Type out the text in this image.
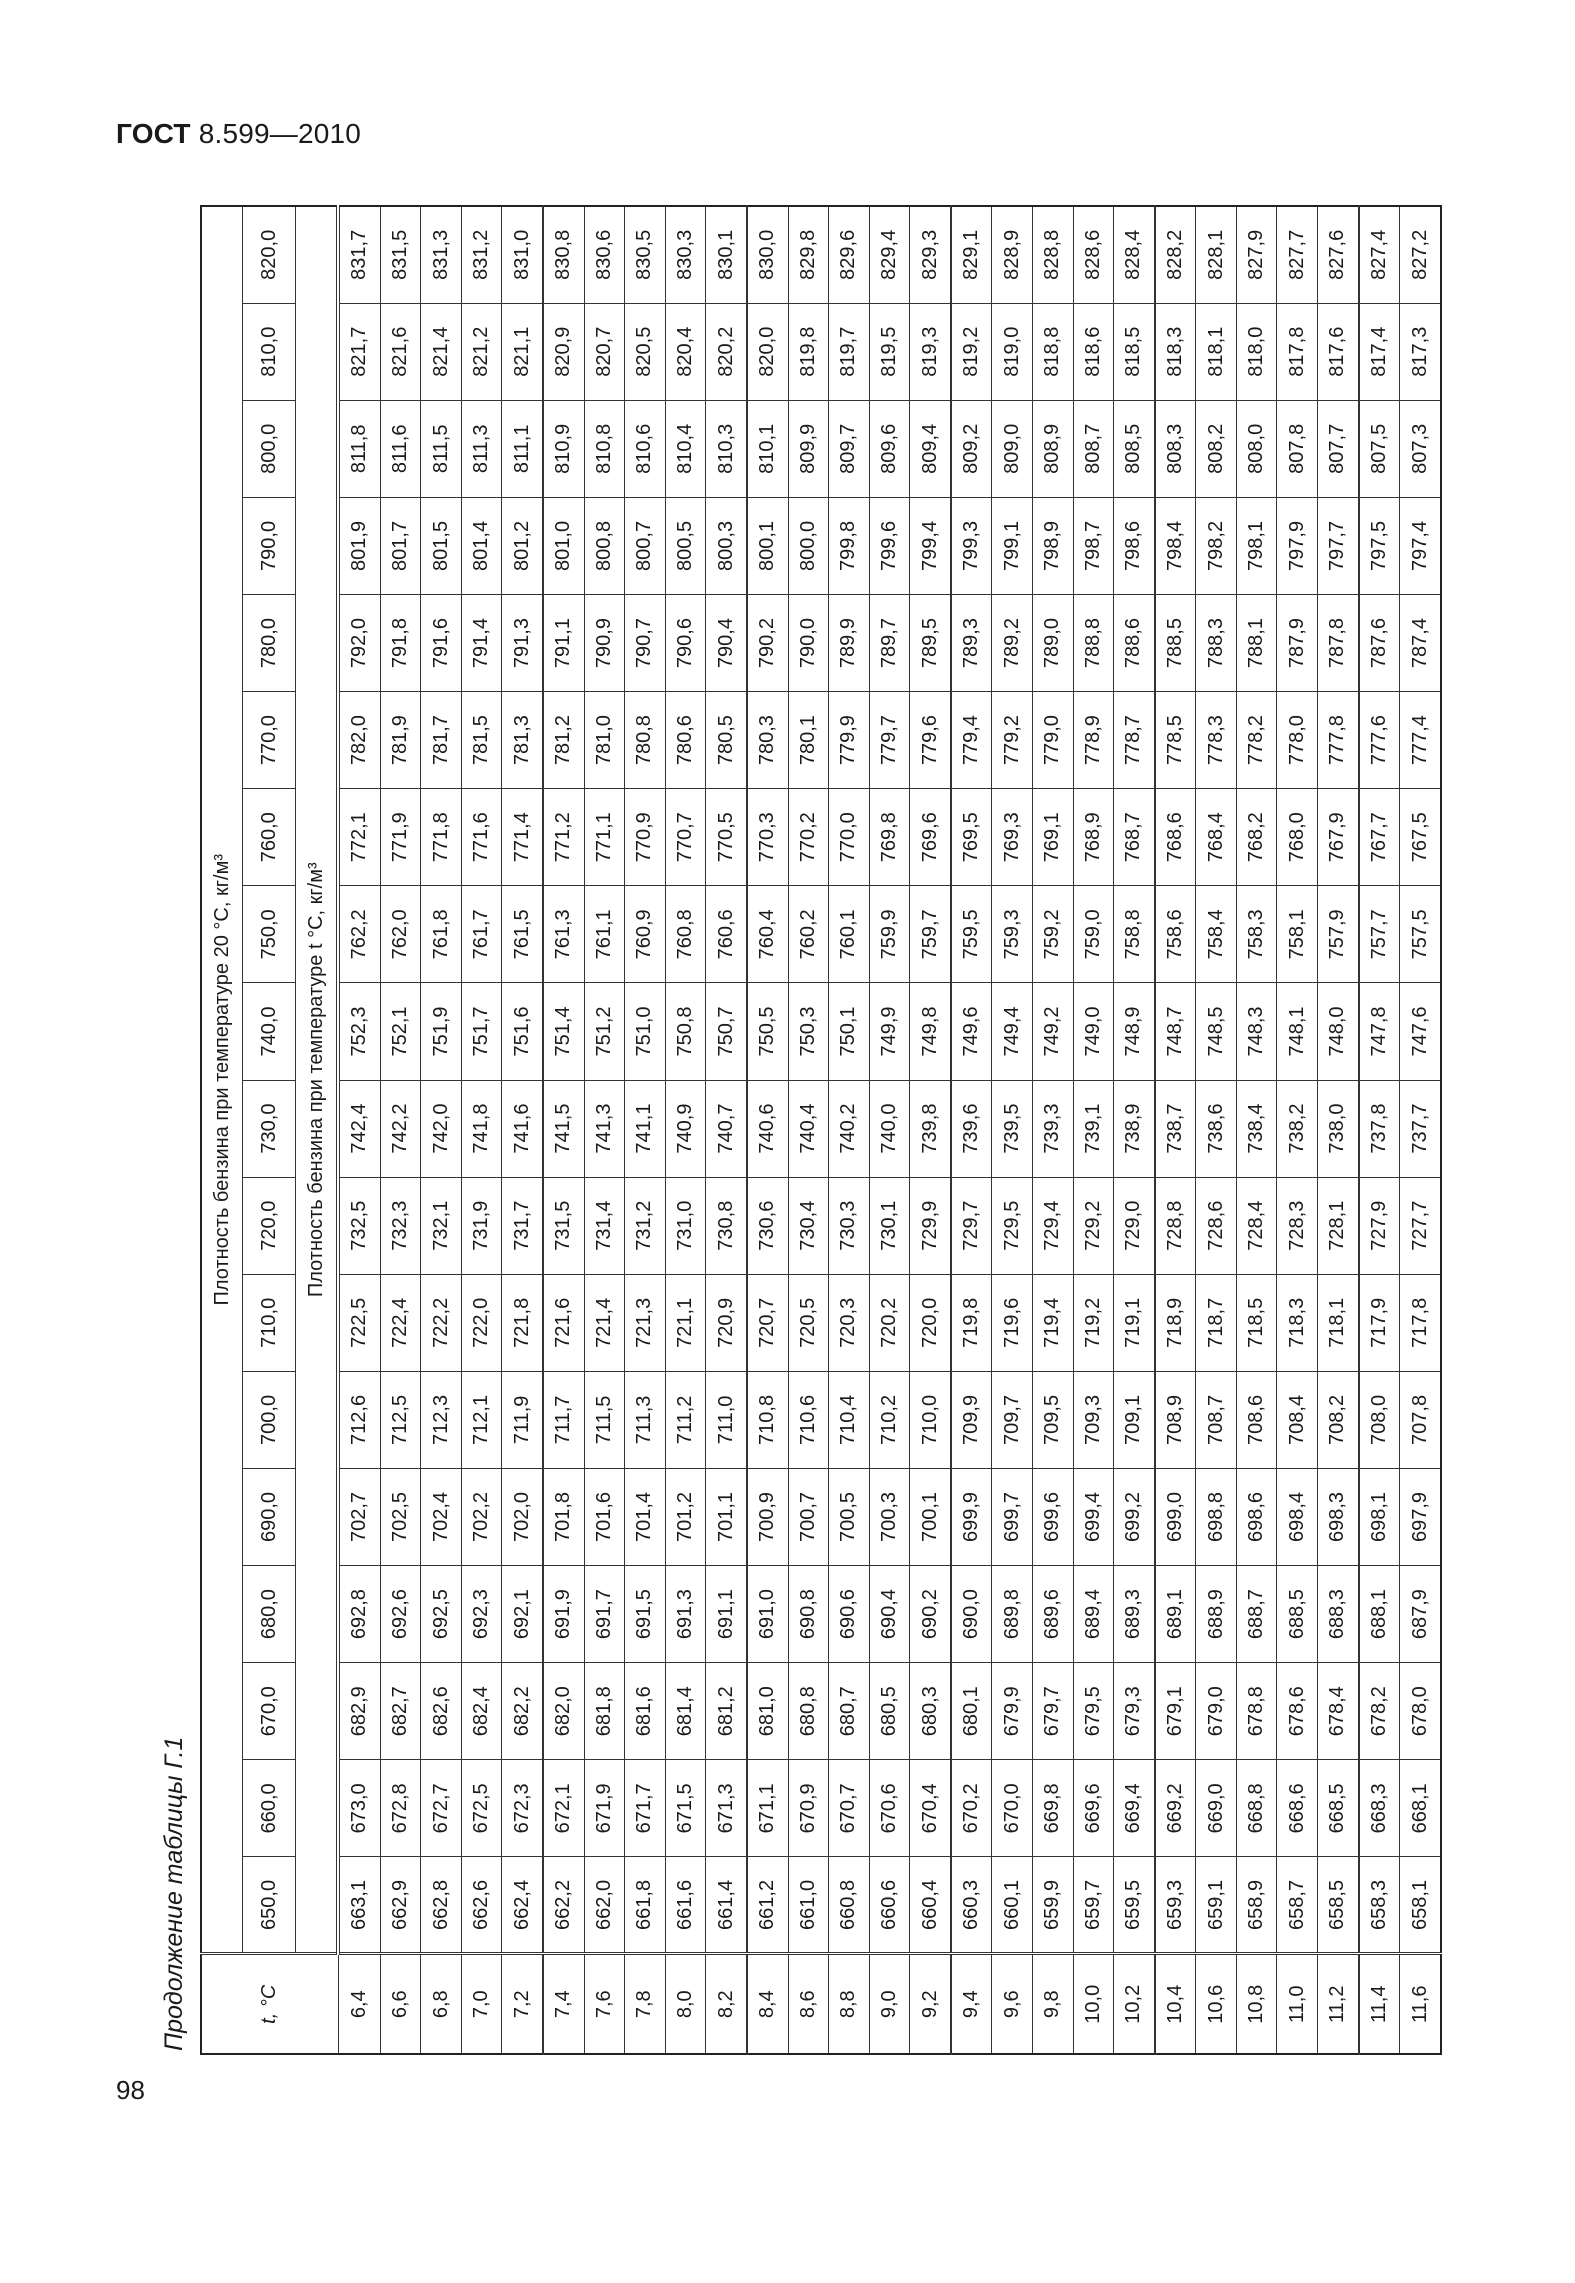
ГОСТ 8.599—2010
98
Продолжение таблицы Г.1	t, °C	Плотность бензина при температуре 20 °С, кг/м³																	
	650,0	660,0	670,0	680,0	690,0	700,0	710,0	720,0	730,0	740,0	750,0	760,0	770,0	780,0	790,0	800,0	810,0	820,0
	Плотность бензина при температуре t °С, кг/м³																	
6,4	663,1	673,0	682,9	692,8	702,7	712,6	722,5	732,5	742,4	752,3	762,2	772,1	782,0	792,0	801,9	811,8	821,7	831,7
6,6	662,9	672,8	682,7	692,6	702,5	712,5	722,4	732,3	742,2	752,1	762,0	771,9	781,9	791,8	801,7	811,6	821,6	831,5
6,8	662,8	672,7	682,6	692,5	702,4	712,3	722,2	732,1	742,0	751,9	761,8	771,8	781,7	791,6	801,5	811,5	821,4	831,3
7,0	662,6	672,5	682,4	692,3	702,2	712,1	722,0	731,9	741,8	751,7	761,7	771,6	781,5	791,4	801,4	811,3	821,2	831,2
7,2	662,4	672,3	682,2	692,1	702,0	711,9	721,8	731,7	741,6	751,6	761,5	771,4	781,3	791,3	801,2	811,1	821,1	831,0
7,4	662,2	672,1	682,0	691,9	701,8	711,7	721,6	731,5	741,5	751,4	761,3	771,2	781,2	791,1	801,0	810,9	820,9	830,8
7,6	662,0	671,9	681,8	691,7	701,6	711,5	721,4	731,4	741,3	751,2	761,1	771,1	781,0	790,9	800,8	810,8	820,7	830,6
7,8	661,8	671,7	681,6	691,5	701,4	711,3	721,3	731,2	741,1	751,0	760,9	770,9	780,8	790,7	800,7	810,6	820,5	830,5
8,0	661,6	671,5	681,4	691,3	701,2	711,2	721,1	731,0	740,9	750,8	760,8	770,7	780,6	790,6	800,5	810,4	820,4	830,3
8,2	661,4	671,3	681,2	691,1	701,1	711,0	720,9	730,8	740,7	750,7	760,6	770,5	780,5	790,4	800,3	810,3	820,2	830,1
8,4	661,2	671,1	681,0	691,0	700,9	710,8	720,7	730,6	740,6	750,5	760,4	770,3	780,3	790,2	800,1	810,1	820,0	830,0
8,6	661,0	670,9	680,8	690,8	700,7	710,6	720,5	730,4	740,4	750,3	760,2	770,2	780,1	790,0	800,0	809,9	819,8	829,8
8,8	660,8	670,7	680,7	690,6	700,5	710,4	720,3	730,3	740,2	750,1	760,1	770,0	779,9	789,9	799,8	809,7	819,7	829,6
9,0	660,6	670,6	680,5	690,4	700,3	710,2	720,2	730,1	740,0	749,9	759,9	769,8	779,7	789,7	799,6	809,6	819,5	829,4
9,2	660,4	670,4	680,3	690,2	700,1	710,0	720,0	729,9	739,8	749,8	759,7	769,6	779,6	789,5	799,4	809,4	819,3	829,3
9,4	660,3	670,2	680,1	690,0	699,9	709,9	719,8	729,7	739,6	749,6	759,5	769,5	779,4	789,3	799,3	809,2	819,2	829,1
9,6	660,1	670,0	679,9	689,8	699,7	709,7	719,6	729,5	739,5	749,4	759,3	769,3	779,2	789,2	799,1	809,0	819,0	828,9
9,8	659,9	669,8	679,7	689,6	699,6	709,5	719,4	729,4	739,3	749,2	759,2	769,1	779,0	789,0	798,9	808,9	818,8	828,8
10,0	659,7	669,6	679,5	689,4	699,4	709,3	719,2	729,2	739,1	749,0	759,0	768,9	778,9	788,8	798,7	808,7	818,6	828,6
10,2	659,5	669,4	679,3	689,3	699,2	709,1	719,1	729,0	738,9	748,9	758,8	768,7	778,7	788,6	798,6	808,5	818,5	828,4
10,4	659,3	669,2	679,1	689,1	699,0	708,9	718,9	728,8	738,7	748,7	758,6	768,6	778,5	788,5	798,4	808,3	818,3	828,2
10,6	659,1	669,0	679,0	688,9	698,8	708,7	718,7	728,6	738,6	748,5	758,4	768,4	778,3	788,3	798,2	808,2	818,1	828,1
10,8	658,9	668,8	678,8	688,7	698,6	708,6	718,5	728,4	738,4	748,3	758,3	768,2	778,2	788,1	798,1	808,0	818,0	827,9
11,0	658,7	668,6	678,6	688,5	698,4	708,4	718,3	728,3	738,2	748,1	758,1	768,0	778,0	787,9	797,9	807,8	817,8	827,7
11,2	658,5	668,5	678,4	688,3	698,3	708,2	718,1	728,1	738,0	748,0	757,9	767,9	777,8	787,8	797,7	807,7	817,6	827,6
11,4	658,3	668,3	678,2	688,1	698,1	708,0	717,9	727,9	737,8	747,8	757,7	767,7	777,6	787,6	797,5	807,5	817,4	827,4
11,6	658,1	668,1	678,0	687,9	697,9	707,8	717,8	727,7	737,7	747,6	757,5	767,5	777,4	787,4	797,4	807,3	817,3	827,2
